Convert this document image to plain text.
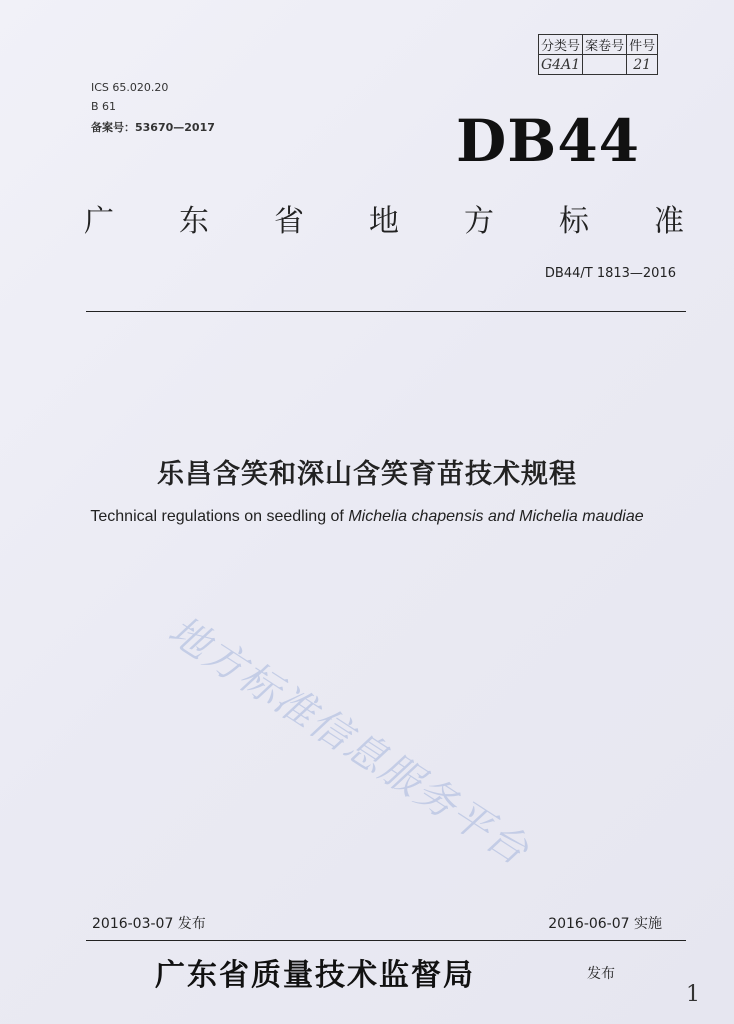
分类号	案卷号	件号
G4A1		21
ICS 65.020.20
B 61
备案号：53670—2017	DB44
广 东 省 地 方 标 准
DB44/T 1813—2016
乐昌含笑和深山含笑育苗技术规程
Technical regulations on seedling of Michelia chapensis and Michelia maudiae
地方标准信息服务平台
2016-03-07 发布	2016-06-07 实施
广东省质量技术监督局	发布
1
